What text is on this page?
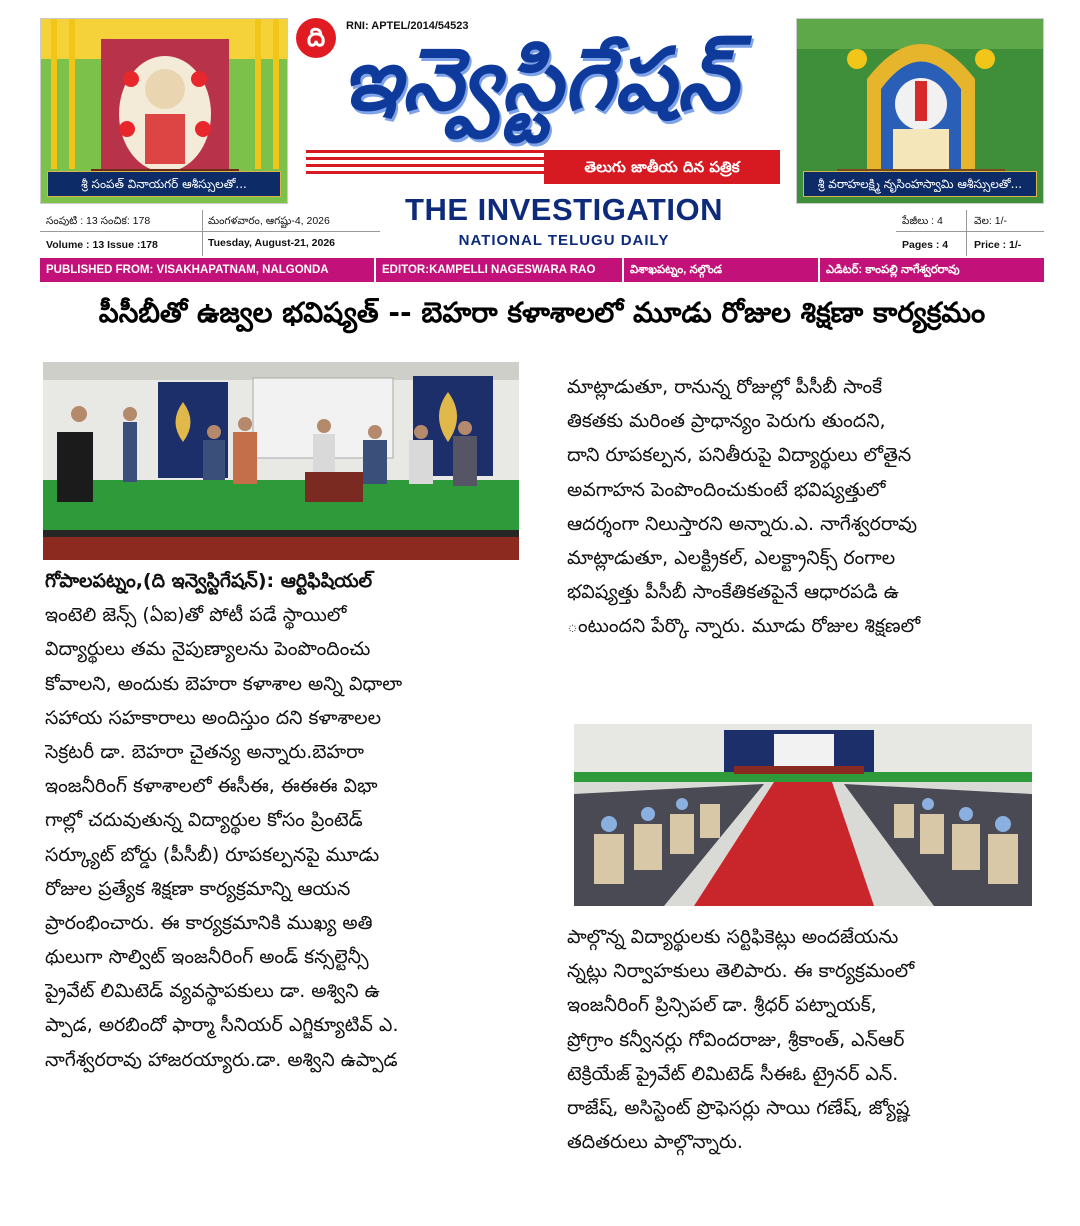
శ్రీ సంపత్ వినాయగర్ ఆశీస్సులతో...	శ్రీ వరాహలక్ష్మి నృసింహస్వామి ఆశీస్సులతో...
ది	RNI: APTEL/2014/54523
ఇన్వెస్టిగేషన్
తెలుగు జాతీయ దిన పత్రిక
THE INVESTIGATION
NATIONAL TELUGU DAILY
సంపుటి : 13 సంచిక: 178	మంగళవారం, ఆగష్టు-4, 2026
Volume : 13 Issue :178	Tuesday, August-21, 2026
పేజీలు : 4	వెల: 1/-
Pages : 4 Price : 1/-
PUBLISHED FROM: VISAKHAPATNAM, NALGONDA	EDITOR:KAMPELLI NAGESWARA RAO	విశాఖపట్నం, నల్గొండ	ఎడిటర్: కాంపల్లి నాగేశ్వరరావు
పీసీబీతో ఉజ్వల భవిష్యత్ -- బెహరా కళాశాలలో మూడు రోజుల శిక్షణా కార్యక్రమం
గోపాలపట్నం,(ది ఇన్వెస్టిగేషన్): ఆర్టిఫిషియల్
ఇంటెలి జెన్స్ (ఏఐ)తో పోటీ పడే స్థాయిలో
విద్యార్థులు తమ నైపుణ్యాలను పెంపొందించు
కోవాలని, అందుకు బెహరా కళాశాల అన్ని విధాలా
సహాయ సహకారాలు అందిస్తుం దని కళాశాలల
సెక్రటరీ డా. బెహరా చైతన్య అన్నారు.బెహరా
ఇంజనీరింగ్ కళాశాలలో ఈసీఈ, ఈఈఈ విభా
గాల్లో చదువుతున్న విద్యార్థుల కోసం ప్రింటెడ్
సర్క్యూట్ బోర్డు (పీసీబీ) రూపకల్పనపై మూడు
రోజుల ప్రత్యేక శిక్షణా కార్యక్రమాన్ని ఆయన
ప్రారంభించారు. ఈ కార్యక్రమానికి ముఖ్య అతి
థులుగా సొల్విట్ ఇంజనీరింగ్ అండ్ కన్సల్టెన్సీ
ప్రైవేట్ లిమిటెడ్ వ్యవస్థాపకులు డా. అశ్విని ఉ
ప్పాడ, అరబిందో ఫార్మా సీనియర్ ఎగ్జిక్యూటివ్ ఎ.
నాగేశ్వరరావు హాజరయ్యారు.డా. అశ్విని ఉప్పాడ
మాట్లాడుతూ, రానున్న రోజుల్లో పీసీబీ సాంకే
తికతకు మరింత ప్రాధాన్యం పెరుగు తుందని,
దాని రూపకల్పన, పనితీరుపై విద్యార్థులు లోతైన
అవగాహన పెంపొందించుకుంటే భవిష్యత్తులో
ఆదర్శంగా నిలుస్తారని అన్నారు.ఎ. నాగేశ్వరరావు
మాట్లాడుతూ, ఎలక్ట్రికల్, ఎలక్ట్రానిక్స్ రంగాల
భవిష్యత్తు పీసీబీ సాంకేతికతపైనే ఆధారపడి ఉ
ంటుందని పేర్కొ న్నారు. మూడు రోజుల శిక్షణలో
పాల్గొన్న విద్యార్థులకు సర్టిఫికెట్లు అందజేయను
న్నట్లు నిర్వాహకులు తెలిపారు. ఈ కార్యక్రమంలో
ఇంజనీరింగ్ ప్రిన్సిపల్ డా. శ్రీధర్ పట్నాయక్,
ప్రోగ్రాం కన్వీనర్లు గోవిందరాజు, శ్రీకాంత్, ఎన్ఆర్
టెక్రియేజ్ ప్రైవేట్ లిమిటెడ్ సీఈఓ ట్రైనర్ ఎన్.
రాజేష్, అసిస్టెంట్ ప్రొఫెసర్లు సాయి గణేష్, జ్యోష్ణ
తదితరులు పాల్గొన్నారు.
